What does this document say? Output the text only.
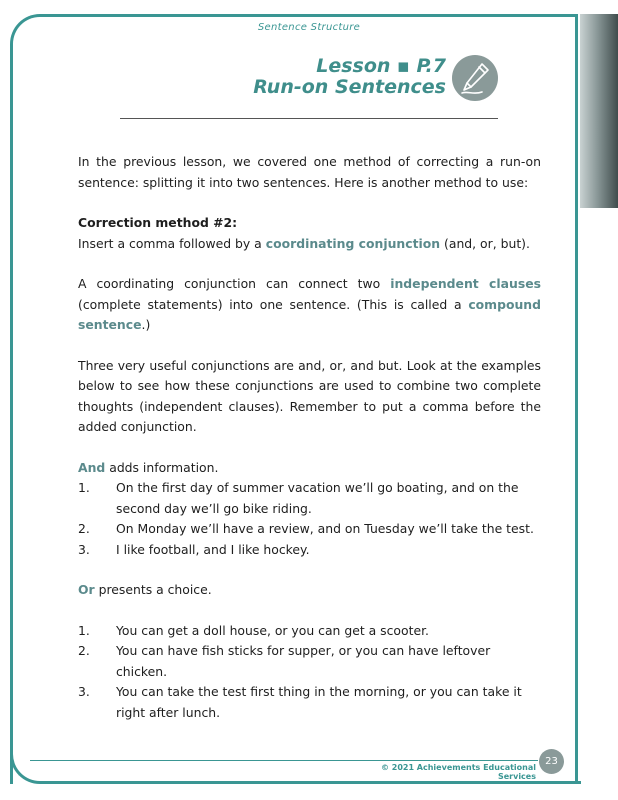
Sentence Structure
Lesson ▪ P.7
Run-on Sentences

In the previous lesson, we covered one method of correcting a run-on sentence: splitting it into two sentences. Here is another method to use:

Correction method #2:

Insert a comma followed by a coordinating conjunction (and, or, but).

A coordinating conjunction can connect two independent clauses (complete statements) into one sentence. (This is called a compound sentence.)

Three very useful conjunctions are and, or, and but. Look at the examples below to see how these conjunctions are used to combine two complete thoughts (independent clauses). Remember to put a comma before the added conjunction.

And adds information.

1.	On the first day of summer vacation we’ll go boating, and on the second day we’ll go bike riding.
2.	On Monday we’ll have a review, and on Tuesday we’ll take the test.
3.	I like football, and I like hockey.

Or presents a choice.

1.	You can get a doll house, or you can get a scooter.
2.	You can have fish sticks for supper, or you can have leftover chicken.
3.	You can take the test first thing in the morning, or you can take it right after lunch.
© 2021 Achievements Educational Services
23
